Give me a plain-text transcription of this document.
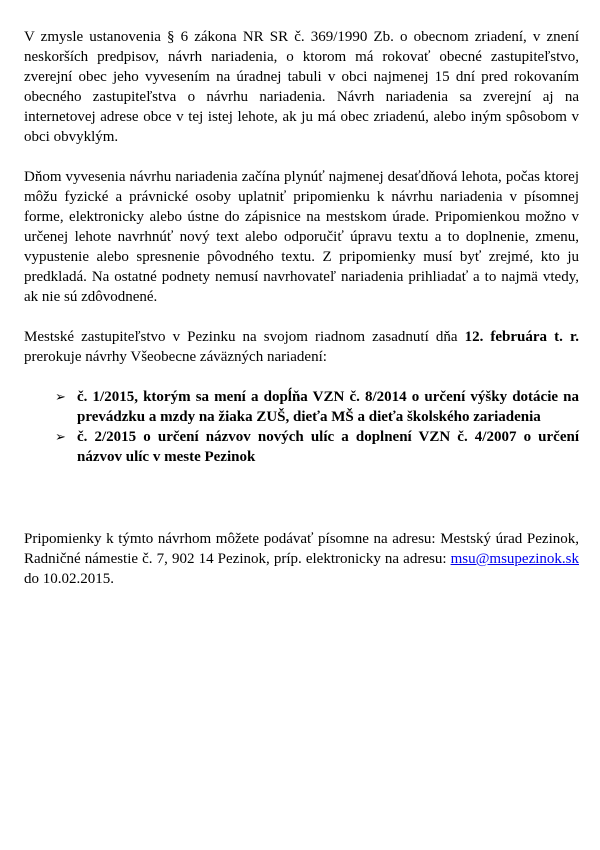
V zmysle ustanovenia § 6 zákona NR SR č. 369/1990 Zb. o obecnom zriadení, v znení neskorších predpisov, návrh nariadenia, o ktorom má rokovať obecné zastupiteľstvo, zverejní obec jeho vyvesením na úradnej tabuli v obci najmenej 15 dní pred rokovaním obecného zastupiteľstva o návrhu nariadenia. Návrh nariadenia sa zverejní aj na internetovej adrese obce v tej istej lehote, ak ju má obec zriadenú, alebo iným spôsobom v obci obvyklým.

Dňom vyvesenia návrhu nariadenia začína plynúť najmenej desaťdňová lehota, počas ktorej môžu fyzické a právnické osoby uplatniť pripomienku k návrhu nariadenia v písomnej forme, elektronicky alebo ústne do zápisnice na mestskom úrade. Pripomienkou možno v určenej lehote navrhnúť nový text alebo odporučiť úpravu textu a to doplnenie, zmenu, vypustenie alebo spresnenie pôvodného textu. Z pripomienky musí byť zrejmé, kto ju predkladá. Na ostatné podnety nemusí navrhovateľ nariadenia prihliadať a to najmä vtedy, ak nie sú zdôvodnené.

Mestské zastupiteľstvo v Pezinku na svojom riadnom zasadnutí dňa 12. februára t. r. prerokuje návrhy Všeobecne záväzných nariadení:

➢ č. 1/2015, ktorým sa mení a dopĺňa VZN č. 8/2014 o určení výšky dotácie na prevádzku a mzdy na žiaka ZUŠ, dieťa MŠ a dieťa školského zariadenia
➢ č. 2/2015 o určení názvov nových ulíc a doplnení VZN č. 4/2007 o určení názvov ulíc v meste Pezinok

Pripomienky k týmto návrhom môžete podávať písomne na adresu: Mestský úrad Pezinok, Radničné námestie č. 7, 902 14 Pezinok, príp. elektronicky na adresu: msu@msupezinok.sk do 10.02.2015.
